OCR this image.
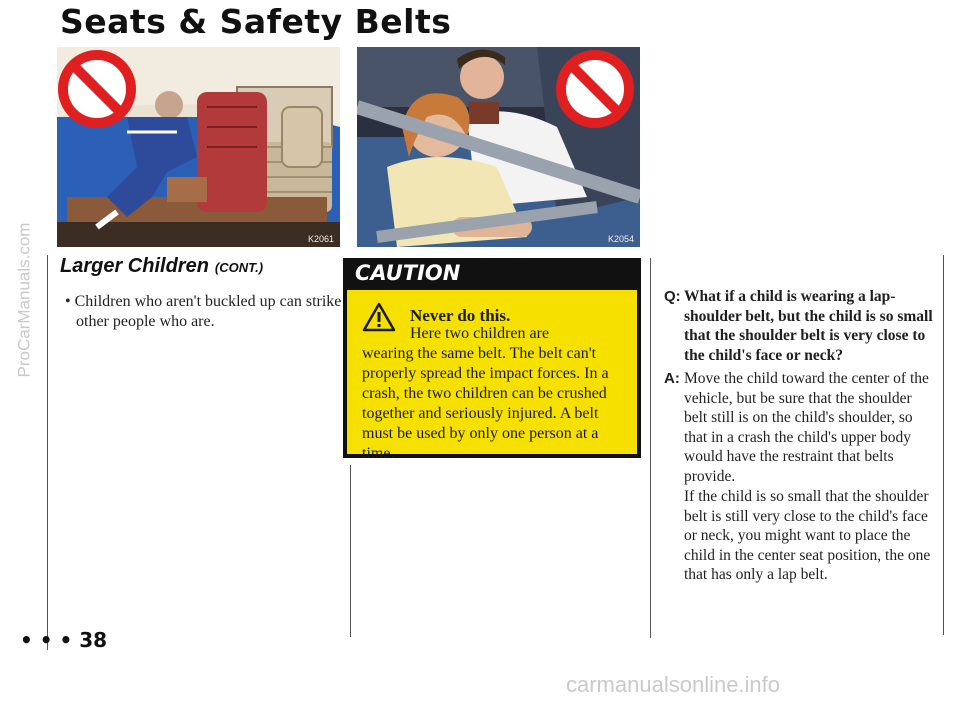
Seats & Safety Belts
ProCarManuals.com	K2061	K2054
Larger Children (CONT.)
• Children who aren't buckled up can strike other people who are.
CAUTION
Never do this.
Here two children are
wearing the same belt. The belt can't properly spread the impact forces. In a crash, the two children can be crushed together and seriously injured. A belt must be used by only one person at a time.
Q: What if a child is wearing a lap-shoulder belt, but the child is so small that the shoulder belt is very close to the child's face or neck?
A: Move the child toward the center of the vehicle, but be sure that the shoulder belt still is on the child's shoulder, so that in a crash the child's upper body would have the restraint that belts provide.
If the child is so small that the shoulder belt is still very close to the child's face or neck, you might want to place the child in the center seat position, the one that has only a lap belt.
• • • 38
carmanualsonline.info
